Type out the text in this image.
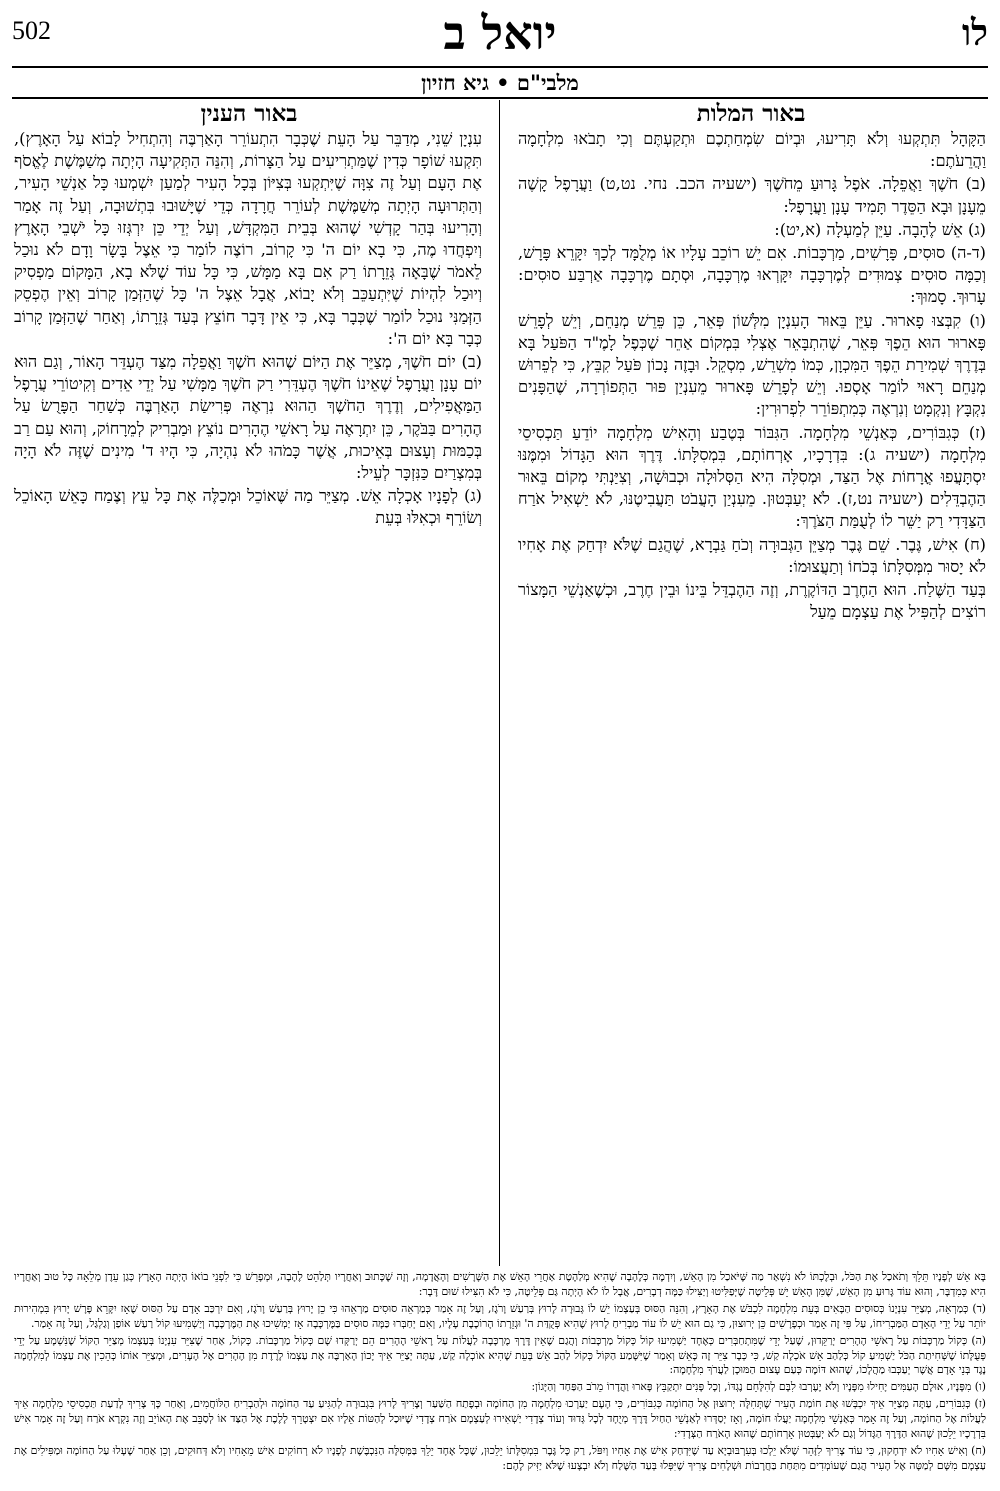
502	יואל ב	לו
מלבי"ם • גיא חזיון
באור המלות
באור הענין

הַקָּהָל תִּתְקְעוּ וְלֹא תָּרִיעוּ, וּבְיוֹם שִׂמְחַתְכֶם וּתְקַעְתֶּם וְכִי תָבֹאוּ מִלְחָמָה וַהֲרֵעֹתֶם:

(ב) חֹשֶׁךְ וַאֲפֵלָה. אֹפֶל גָּרוּעַ מֵחֹשֶׁךְ (ישעיה הכב. נחי. נט,ט) וַעֲרָפֶל קָשֶׁה מֵעָנָן וּבָא הַסֵּדֶר תָּמִיד עָנָן וַעֲרָפֶל:

(ג) אֵשׁ לֶהָבָה. עַיֵּן לְמַעְלָה (א,יט):

(ד-ה) סוּסִים, פָּרָשִׁים, מַרְכָּבוֹת. אִם יֵשׁ רוֹכֵב עָלָיו אוֹ מְלֻמָּד לְכָךְ יִקָּרֵא פָּרָשׁ, וְכַמָּה סוּסִים צְמוּדִים לְמֶרְכָּבָה יִקָּרְאוּ מֶרְכָּבָה, וּסְתָם מֶרְכָּבָה אַרְבַּע סוּסִים: עָרוּךְ. סָמוּךְ:

(ו) קִבְּצוּ פָארוּר. עַיֵּן בֵּאוּר הָעִנְיָן מִלְּשׁוֹן פְּאֵר, כֵּן פֵּרֵשׁ מְנַחֵם, וְיֵשׁ לְפָרֵשׁ פָּארוּר הוּא הֵפֶךְ פְּאֵר, שֶׁהִתְבָּאֵר אֶצְלִי בִּמְקוֹם אַחֵר שֶׁכְּפֶל לָמֶ"ד הַפֹּעַל בָּא בְּדֶרֶךְ שְׁמִירַת הֵפֶךְ הַמִּכְוָן, כְּמוֹ מִשְׁרֵשׁ, מִסְקֵל. וּבָזֶה נָכוֹן פֹּעַל קִבֵּץ, כִּי לְפֵרוּשׁ מְנַחֵם רָאוּי לוֹמַר אָסְפוּ. וְיֵשׁ לְפָרֵשׁ פָּארוּר מֵעִנְיַן פּוּר הַתְּפוֹרְרָה, שֶׁהַפָּנִים נִקְבָּץ וְנִקְמָט וְנִרְאֶה כְּמִתְפּוֹרֵר לִפְרוּרִין:

(ז) כְּגִבּוֹרִים, כְּאַנְשֵׁי מִלְחָמָה. הַגִּבּוֹר בְּטֶבַע וְהָאִישׁ מִלְחָמָה יוֹדֵעַ תַּכְסִיסֵי מִלְחָמָה (ישעיה ג): בִּדְרָכָיו, אָרְחוֹתָם, בִּמְסִלָּתוֹ. דֶּרֶךְ הוּא הַגָּדוֹל וּמִמֶּנּוּ יִסְתָּעֲפוּ אֳרָחוֹת אֶל הַצַּד, וּמְסִלָּה הִיא הַסְּלוּלָה וּכְבוּשָׁה, וְצִיַּנְתִּי מְקוֹם בֵּאוּר הַהֶבְדֵּלִים (ישעיה נט,ז). לֹא יְעַבְּטוּן. מֵעִנְיַן הָעֲבֹט תַּעֲבִיטֶנּוּ, לֹא יַשְׁאִיל אֹרַח הַצַּדָּדִי רַק יַשֵּׁר לוֹ לְעֻמַּת הַצֹּרֶךְ:

(ח) אִישׁ, גֶּבֶר. שֵׁם גֶּבֶר מְצַיֵּן הַגְּבוּרָה וְכֹחַ גַּבְרָא, שֶׁהֲגַם שֶׁלֹּא יִדְחַק אֶת אָחִיו לֹא יָסוּר מִמְּסִלָּתוֹ בְּכֹחוֹ וְתַעֲצוּמוֹ:

בְּעַד הַשֶּׁלַח. הוּא הַחֶרֶב הַדּוֹקֶרֶת, וְזֶה הַהֶבְדֵּל בֵּינוֹ וּבֵין חֶרֶב, וּכְשֶׁאַנְשֵׁי הַמָּצוֹר רוֹצִים לְהַפִּיל אֶת עַצְמָם מֵעַל

עִנְיָן שֵׁנִי, מְדַבֵּר עַל הָעֵת שֶׁכְּבָר הִתְעוֹרֵר הָאַרְבֶּה וְהִתְחִיל לָבוֹא עַל הָאָרֶץ), תִּקְעוּ שׁוֹפָר כְּדִין שֶׁמַּתְרִיעִים עַל הַצָּרוֹת, וְהִנֵּה הַתְּקִיעָה הָיְתָה מְשַׁמֶּשֶׁת לֶאֱסֹף אֶת הָעָם וְעַל זֶה צִוָּה שֶׁיִּתְקְעוּ בְּצִיּוֹן בְּכָל הָעִיר לְמַעַן יִשְׁמְעוּ כָּל אַנְשֵׁי הָעִיר, וְהַתְּרוּעָה הָיְתָה מְשַׁמֶּשֶׁת לְעוֹרֵר חֲרָדָה כְּדֵי שֶׁיָּשׁוּבוּ בִּתְשׁוּבָה, וְעַל זֶה אָמַר וְהָרִיעוּ בְּהַר קָדְשִׁי שֶׁהוּא בְּבֵית הַמִּקְדָּשׁ, וְעַל יְדֵי כֵּן יִרְגְּזוּ כָּל יֹשְׁבֵי הָאָרֶץ וְיִפְחֲדוּ מֶה, כִּי בָא יוֹם ה' כִּי קָרוֹב, רוֹצֶה לוֹמַר כִּי אֵצֶל בָּשָׂר וָדָם לֹא נוּכַל לֵאמֹר שֶׁבָּאָה גְּזֵרָתוֹ רַק אִם בָּא מַמָּשׁ, כִּי כָּל עוֹד שֶׁלֹּא בָא, הַמָּקוֹם מַפְסִיק וְיוּכַל לִהְיוֹת שֶׁיִּתְעַכֵּב וְלֹא יָבוֹא, אֲבָל אֵצֶל ה' כָּל שֶׁהַזְּמַן קָרוֹב וְאֵין הֶפְסֵק הַזְּמַנִּי נוּכַל לוֹמַר שֶׁכְּבָר בָּא, כִּי אֵין דָּבָר חוֹצֵץ בְּעַד גְּזֵרָתוֹ, וְאַחַר שֶׁהַזְּמַן קָרוֹב כְּבָר בָּא יוֹם ה':

(ב) יוֹם חֹשֶׁךְ, מְצַיֵּר אֶת הַיּוֹם שֶׁהוּא חֹשֶׁךְ וַאֲפֵלָה מִצַּד הֶעְדֵּר הָאוֹר, וְגַם הוּא יוֹם עָנָן וַעֲרָפֶל שֶׁאֵינוֹ חֹשֶׁךְ הֶעְדֵּרִי רַק חֹשֶׁךְ מַמָּשִׁי עַל יְדֵי אֵדִים וְקִיטוֹרֵי עֲרָפֶל הַמַּאֲפִילִים, וְדֶרֶךְ הַחֹשֶׁךְ הַהוּא נִרְאֶה פְּרִישַׂת הָאַרְבֶּה כְּשַׁחַר הַפָּרֻשׂ עַל הֶהָרִים בַּבֹּקֶר, כֵּן יִתְרָאֶה עַל רָאשֵׁי הֶהָרִים נוֹצֵץ וּמַבְרִיק לְמֵרָחוֹק, וְהוּא עַם רַב בְּכַמּוּת וְעָצוּם בְּאֵיכוּת, אֲשֶׁר כָּמֹהוּ לֹא נִהְיָה, כִּי הָיוּ ד' מִינִים שֶׁזֶּה לֹא הָיָה בְּמִצְרַיִם כַּנִּזְכָּר לְעֵיל:

(ג) לְפָנָיו אָכְלָה אֵשׁ. מְצַיֵּר מַה שֶּׁאוֹכֵל וּמְכַלֶּה אֶת כָּל עֵץ וְצֶמַח כָּאֵשׁ הָאוֹכֵל וְשׂוֹרֵף וּכְאִלּוּ בְּעֵת

בָּא אֵשׁ לְפָנָיו תֵּלֵךְ וְתֹאכַל אֶת הַכֹּל, וּבְלֶכְתּוֹ לֹא נִשְׁאַר מַה שֶּׁיֹּאכַל מִן הָאֵשׁ, וְיִדְמֶה כְּלֶהָבָה שֶׁהִיא מְלַהֶטֶת אַחֲרֵי הָאֵשׁ אֶת הַשָּׁרָשִׁים וְהָאֲדָמָה, וְזֶה שֶׁכָּתוּב וְאַחֲרָיו תְּלַהֵט לֶהָבָה, וּמְפָרֵשׁ כִּי לִפְנֵי בוֹאוֹ הָיְתָה הָאָרֶץ כְּגַן עֵדֶן מְלֵאָה כָּל טוּב וְאַחֲרָיו הִיא כְּמִדְבָּר, וְהוּא עוֹד גָּרוּעַ מִן הָאֵשׁ, שֶׁמִּן הָאֵשׁ יֵשׁ פְּלֵיטָה שֶׁיְּפַלִּיטוּ וְיַצִּילוּ כַּמָּה דְבָרִים, אֲבָל לוֹ לֹא הָיְתָה גַּם פְּלֵיטָה, כִּי לֹא הִצִּילוּ שׁוּם דָּבָר:

(ד) כְּמַרְאֵה, מְצַיֵּר עִנְיָנוֹ כְּסוּסִים הַבָּאִים בְּעֵת מִלְחָמָה לִכְבֹּשׁ אֶת הָאָרֶץ, וְהִנֵּה הַסּוּס בְּעַצְמוֹ יֵשׁ לוֹ גְּבוּרָה לָרוּץ בְּרַעַשׁ וָרֹגֶז, וְעַל זֶה אָמַר כְּמַרְאֵה סוּסִים מַרְאֵהוּ כִּי כֵן יָרוּץ בְּרַעַשׁ וָרֹגֶז, וְאִם יִרְכַּב אָדָם עַל הַסּוּס שֶׁאָז יִקָּרֵא פָּרָשׁ יָרוּץ בִּמְהִירוּת יוֹתֵר עַל יְדֵי הָאָדָם הַמַּבְרִיחוֹ, עַל פִּי זֶה אָמַר וּכְפָרָשִׁים כֵּן יְרוּצוּן, כִּי גַם הוּא יֵשׁ לוֹ עוֹד מַבְרִיחַ לָרוּץ שֶׁהִיא פְּקֻדַּת ה' וּגְזֵרָתוֹ הָרוֹכֶבֶת עָלָיו, וְאִם יְחַבְּרוּ כַּמָּה סוּסִים בַּמֶּרְכָּבָה אָז יַמְשִׁיכוּ אֶת הַמֶּרְכָּבָה וְיַשְׁמִיעוּ קוֹל רַעַשׁ אוֹפַן וְגַלְגַּל, וְעַל זֶה אָמַר.

(ה) כְּקוֹל מַרְכָּבוֹת עַל רָאשֵׁי הֶהָרִים יְרַקֵּדוּן, שֶׁעַל יְדֵי שֶׁמִּתְחַבְּרִים כְּאֶחָד יַשְׁמִיעוּ קוֹל כְּקוֹל מַרְכָּבוֹת וְהֲגַם שֶׁאֵין דֶּרֶךְ מֶרְכָּבָה לַעֲלוֹת עַל רָאשֵׁי הֶהָרִים הֵם יְרַקְּדוּ שָׁם כְּקוֹל מַרְכָּבוֹת. כְּקוֹל, אַחַר שֶׁצִּיֵּר עִנְיָנוֹ בְּעַצְמוֹ מְצַיֵּר הַקּוֹל שֶׁנִּשְׁמָע עַל יְדֵי פְּעֻלָּתוֹ שֶׁשְּׁחִיתַת הַכֹּל יַשְׁמִיעַ קוֹל כְּלַהַב אֵשׁ אֹכְלָה קַשׁ, כִּי כְּבָר צִיֵּר זֶה כָּאֵשׁ וְאָמַר שֶׁיִּשָּׁמַע הַקּוֹל כְּקוֹל לַהַב אֵשׁ בְּעֵת שֶׁהִיא אוֹכְלָה קַשׁ, עַתָּה יְצַיֵּר אֵיךְ יָכוֹן הָאַרְבֶּה אֶת עַצְמוֹ לָרֶדֶת מִן הֶהָרִים אֶל הֶעָרִים, וּמְצַיֵּר אוֹתוֹ כְּהֵכִין אֶת עַצְמוֹ לְמִלְחָמָה נֶגֶד בְּנֵי אָדָם אֲשֶׁר יְעַכְּבוּ מַהֲלָכוֹ, שֶׁהוּא דּוֹמֶה כְּעַם עָצוּם הַמּוּכָן לַעֲרֹךְ מִלְחָמָה:

(ו) מִפָּנָיו, אוּלָם הָעַמִּים יָחִילוּ מִפָּנָיו וְלֹא יֶעֶרְבוּ לִבָּם לְהִלָּחֵם נֶגְדּוֹ, וְכָל פָּנִים יִתְקַבֵּץ פָּארוּ וַהֲדָרוֹ מֵרֹב הַפַּחַד וְהַיָּגוֹן:

(ז) כְּגִבּוֹרִים, עַתָּה מְצַיֵּר אֵיךְ יִכְבְּשׁוּ אֶת חוֹמַת הָעִיר שֶׁתְּחִלָּה יְרוּצוּן אֶל הַחוֹמָה כְּגִבּוֹרִים, כִּי הָעָם יַעַרְכוּ מִלְחָמָה מִן הַחוֹמָה וּבְפֶתַח הַשַּׁעַר וְצָרִיךְ לָרוּץ בִּגְבוּרָה לְהַגִּיעַ עַד הַחוֹמָה וּלְהַבְרִיחַ הַלּוֹחֲמִים, וְאַחַר כָּךְ צָרִיךְ לָדַעַת תַּכְסִיסֵי מִלְחָמָה אֵיךְ לַעֲלוֹת אֶל הַחוֹמָה, וְעַל זֶה אָמַר כְּאַנְשֵׁי מִלְחָמָה יַעֲלוּ חוֹמָה, וְאָז יְסַדְּרוּ לְאַנְשֵׁי הַחַיִל דֶּרֶךְ מְיֻחָד לְכָל גְּדוּד וְעוֹד צְדָדִי יַשְׁאִירוּ לְעַצְמָם אֹרַח צְדָדִי שֶׁיּוּכַל לְהַטּוֹת אֵלָיו אִם יִצְטָרֵךְ לָלֶכֶת אֶל הַצַּד אוֹ לְסַבֵּב אֶת הָאוֹיֵב וְזֶה נִקְרָא אֹרַח וְעַל זֶה אָמַר אִישׁ בִּדְרָכָיו יֵלֵכוּן שֶׁהוּא הַדֶּרֶךְ הַגָּדוֹל וְגַם לֹא יְעַבְּטוּן אָרְחוֹתָם שֶׁהוּא הָאֹרַח הַצְּדָדִי:

(ח) וְאִישׁ אָחִיו לֹא יִדְחָקוּן, כִּי עוֹד צָרִיךְ לִזָּהֵר שֶׁלֹּא יֵלְכוּ בְּעִרְבּוּבְיָא עַד שֶׁיִּדְחַק אִישׁ אֶת אָחִיו וְיִפֹּל, רַק כָּל גֶּבֶר בִּמְסִלָּתוֹ יֵלֵכוּן, שֶׁכָּל אֶחָד יֵלֵךְ בַּמְּסִלָּה הַנִּכְבֶּשֶׁת לְפָנָיו לֹא רְחוֹקִים אִישׁ מֵאָחִיו וְלֹא דְּחוּקִים, וְכֵן אַחַר שֶׁעָלוּ עַל הַחוֹמָה וּמַפִּילִים אֶת עַצְמָם מִשָּׁם לְמַטָּה אֶל הָעִיר הֲגַם שֶׁעוֹמְדִים מִתַּחַת בַּחֲרָבוֹת וּשְׁלָחִים צָרִיךְ שֶׁיִּפְּלוּ בְּעַד הַשֶּׁלַח וְלֹא יִבְצָעוּ שֶׁלֹּא יַזִּיק לָהֶם:
